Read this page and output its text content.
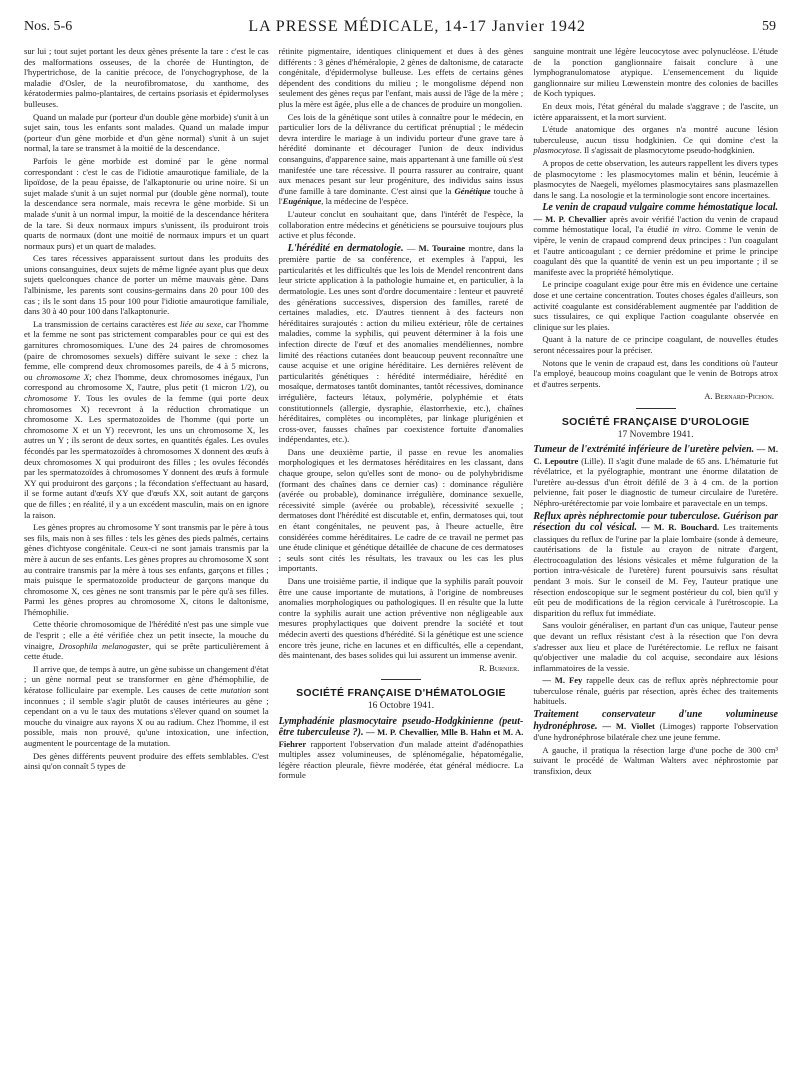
Nos. 5-6	LA PRESSE MÉDICALE, 14-17 Janvier 1942	59

sur lui ; tout sujet portant les deux gènes présente la tare : c'est le cas des malformations osseuses, de la chorée de Huntington, de l'hypertrichose, de la canitie précoce, de l'onychogryphose, de la maladie d'Osler, de la neurofibromatose, du xanthome, des kératodermies palmo-plantaires, de certains psoriasis et épidermolyses bulleuses.

Quand un malade pur (porteur d'un double gène morbide) s'unit à un sujet sain, tous les enfants sont malades. Quand un malade impur (porteur d'un gène morbide et d'un gène normal) s'unit à un sujet normal, la tare se transmet à la moitié de la descendance.

Parfois le gène morbide est dominé par le gène normal correspondant : c'est le cas de l'idiotie amaurotique familiale, de la lipoïdose, de la peau épaisse, de l'alkaptonurie ou urine noire. Si un sujet malade s'unit à un sujet normal pur (double gène normal), toute la descendance sera normale, mais recevra le gène morbide. Si un malade s'unit à un normal impur, la moitié de la descendance héritera de la tare. Si deux normaux impurs s'unissent, ils produiront trois quarts de normaux (dont une moitié de normaux impurs et un quart normaux purs) et un quart de malades.

Ces tares récessives apparaissent surtout dans les produits des unions consanguines, deux sujets de même lignée ayant plus que deux sujets quelconques chance de porter un même mauvais gène. Dans l'albinisme, les parents sont cousins-germains dans 20 pour 100 des cas ; ils le sont dans 15 pour 100 pour l'idiotie amaurotique familiale, dans 30 à 40 pour 100 dans l'alkaptonurie.

La transmission de certains caractères est liée au sexe, car l'homme et la femme ne sont pas strictement comparables pour ce qui est des garnitures chromosomiques. L'une des 24 paires de chromosomes (paire de chromosomes sexuels) diffère suivant le sexe : chez la femme, elle comprend deux chromosomes pareils, de 4 à 5 microns, ou chromosome X; chez l'homme, deux chromosomes inégaux, l'un correspond au chromosome X, l'autre, plus petit (1 micron 1/2), ou chromosome Y. Tous les ovules de la femme (qui porte deux chromosomes X) recevront à la réduction chromatique un chromosome X. Les spermatozoïdes de l'homme (qui porte un chromosome X et un Y) recevront, les uns un chromosome X, les autres un Y ; ils seront de deux sortes, en quantités égales. Les ovules fécondés par les spermatozoïdes à chromosomes X donnent des œufs à deux chromosomes X qui produiront des filles ; les ovules fécondés par les spermatozoïdes à chromosomes Y donnent des œufs à formule XY qui produiront des garçons ; la fécondation s'effectuant au hasard, il se forme autant d'œufs XY que d'œufs XX, soit autant de garçons que de filles ; en réalité, il y a un excédent masculin, mais on en ignore la raison.

Les gènes propres au chromosome Y sont transmis par le père à tous ses fils, mais non à ses filles : tels les gènes des pieds palmés, certains gènes d'ichtyose congénitale. Ceux-ci ne sont jamais transmis par la mère à aucun de ses enfants. Les gènes propres au chromosome X sont au contraire transmis par la mère à tous ses enfants, garçons et filles ; mais puisque le spermatozoïde producteur de garçons manque du chromosome X, ces gènes ne sont transmis par le père qu'à ses filles. Parmi les gènes propres au chromosome X, citons le daltonisme, l'hémophilie.

Cette théorie chromosomique de l'hérédité n'est pas une simple vue de l'esprit ; elle a été vérifiée chez un petit insecte, la mouche du vinaigre, Drosophila melanogaster, qui se prête particulièrement à cette étude.

Il arrive que, de temps à autre, un gène subisse un changement d'état ; un gène normal peut se transformer en gène d'hémophilie, de kératose folliculaire par exemple. Les causes de cette mutation sont inconnues ; il semble s'agir plutôt de causes intérieures au gène ; cependant on a vu le taux des mutations s'élever quand on soumet la mouche du vinaigre aux rayons X ou au radium. Chez l'homme, il est possible, mais non prouvé, qu'une intoxication, une infection, augmentent le pourcentage de la mutation.

Des gènes différents peuvent produire des effets semblables. C'est ainsi qu'on connaît 5 types de

rétinite pigmentaire, identiques cliniquement et dues à des gènes différents : 3 gènes d'héméralopie, 2 gènes de daltonisme, de cataracte congénitale, d'épidermolyse bulleuse. Les effets de certains gènes dépendent des conditions du milieu ; le mongolisme dépend non seulement des gènes reçus par l'enfant, mais aussi de l'âge de la mère ; plus la mère est âgée, plus elle a de chances de produire un mongolien.

Ces lois de la génétique sont utiles à connaître pour le médecin, en particulier lors de la délivrance du certificat prénuptial ; le médecin devra interdire le mariage à un individu porteur d'une grave tare à hérédité dominante et décourager l'union de deux individus consanguins, d'apparence saine, mais appartenant à une famille où s'est manifestée une tare récessive. Il pourra rassurer au contraire, quant aux menaces pesant sur leur progéniture, des individus sains issus d'une famille à tare dominante. C'est ainsi que la Génétique touche à l'Eugénique, la médecine de l'espèce.

L'auteur conclut en souhaitant que, dans l'intérêt de l'espèce, la collaboration entre médecins et généticiens se poursuive toujours plus active et plus féconde.

L'hérédité en dermatologie. — M. Touraine montre, dans la première partie de sa conférence, et exemples à l'appui, les particularités et les difficultés que les lois de Mendel rencontrent dans leur stricte application à la pathologie humaine et, en particulier, à la dermatologie. Les unes sont d'ordre documentaire : lenteur et pauvreté des générations successives, dispersion des familles, rareté de certaines maladies, etc. D'autres tiennent à des facteurs non héréditaires surajoutés : action du milieu extérieur, rôle de certaines maladies, comme la syphilis, qui peuvent déterminer à la fois une infection directe de l'œuf et des anomalies mendéliennes, nombre limité des réactions cutanées dont beaucoup peuvent reconnaître une cause acquise et une origine héréditaire. Les dernières relèvent de particularités génétiques : hérédité intermédiaire, hérédité en mosaïque, dermatoses tantôt dominantes, tantôt récessives, dominance irrégulière, facteurs létaux, polymérie, polyphémie et états constitutionnels (allergie, dysraphie, élastorrhexie, etc.), chaînes héréditaires, complètes ou incomplètes, par linkage plurigénien et cross-over, fausses chaînes par coexistence fortuite d'anomalies indépendantes, etc.).

Dans une deuxième partie, il passe en revue les anomalies morphologiques et les dermatoses héréditaires en les classant, dans chaque groupe, selon qu'elles sont de mono- ou de polyhybridisme (formant des chaînes dans ce dernier cas) : dominance régulière (avérée ou probable), dominance irrégulière, dominance sexuelle, récessivité simple (avérée ou probable), récessivité sexuelle ; dermatoses dont l'hérédité est discutable et, enfin, dermatoses qui, tout en étant congénitales, ne peuvent pas, à l'heure actuelle, être considérées comme héréditaires. Le cadre de ce travail ne permet pas une étude clinique et génétique détaillée de chacune de ces dermatoses ; seuls sont cités les résultats, les travaux ou les cas les plus importants.

Dans une troisième partie, il indique que la syphilis paraît pouvoir être une cause importante de mutations, à l'origine de nombreuses anomalies morphologiques ou pathologiques. Il en résulte que la lutte contre la syphilis aurait une action préventive non négligeable aux mesures prophylactiques que doivent prendre la société et tout médecin averti des questions d'hérédité. Si la génétique est une science encore très jeune, riche en lacunes et en difficultés, elle a cependant, dès maintenant, des bases solides qui lui assurent un immense avenir.

R. Burnier.
SOCIÉTÉ FRANÇAISE D'HÉMATOLOGIE
16 Octobre 1941.

Lymphadénie plasmocytaire pseudo-Hodgkinienne (peut-être tuberculeuse ?). — M. P. Chevallier, Mlle B. Hahn et M. A. Fiehrer rapportent l'observation d'un malade atteint d'adénopathies multiples assez volumineuses, de splénomégalie, hépatomégalie, légère réaction pleurale, fièvre modérée, état général médiocre. La formule

sanguine montrait une légère leucocytose avec polynucléose. L'étude de la ponction ganglionnaire faisait conclure à une lymphogranulomatose atypique. L'ensemencement du liquide ganglionnaire sur milieu Lœwenstein montre des colonies de bacilles de Koch typiques.

En deux mois, l'état général du malade s'aggrave ; de l'ascite, un ictère apparaissent, et la mort survient.

L'étude anatomique des organes n'a montré aucune lésion tuberculeuse, aucun tissu hodgkinien. Ce qui domine c'est la plasmocytose. Il s'agissait de plasmocytome pseudo-hodgkinien.

A propos de cette observation, les auteurs rappellent les divers types de plasmocytome : les plasmocytomes malin et bénin, leucémie à plasmocytes de Naegeli, myélomes plasmocytaires sans plasmazellen dans le sang. La nosologie et la terminologie sont encore incertaines.

Le venin de crapaud vulgaire comme hémostatique local. — M. P. Chevallier après avoir vérifié l'action du venin de crapaud comme hémostatique local, l'a étudié in vitro. Comme le venin de vipère, le venin de crapaud comprend deux principes : l'un coagulant et l'autre anticoagulant ; ce dernier prédomine et prime le principe coagulant dès que la quantité de venin est un peu importante ; il se manifeste avec la propriété hémolytique.

Le principe coagulant exige pour être mis en évidence une certaine dose et une certaine concentration. Toutes choses égales d'ailleurs, son activité coagulante est considérablement augmentée par l'addition de sucs tissulaires, ce qui explique l'action coagulante observée en clinique sur les plaies.

Quant à la nature de ce principe coagulant, de nouvelles études seront nécessaires pour la préciser.

Notons que le venin de crapaud est, dans les conditions où l'auteur l'a employé, beaucoup moins coagulant que le venin de Botrops atrox et d'autres serpents.

A. Bernard-Pichon.
SOCIÉTÉ FRANÇAISE D'UROLOGIE
17 Novembre 1941.

Tumeur de l'extrémité inférieure de l'uretère pelvien. — M. C. Lepoutre (Lille). Il s'agit d'une malade de 65 ans. L'hématurie fut révélatrice, et la pyélographie, montrant une énorme dilatation de l'uretère au-dessus d'un étroit défilé de 3 à 4 cm. de la portion pelvienne, fait poser le diagnostic de tumeur circulaire de l'uretère. Néphro-urétérectomie par voie lombaire et paravectale en un temps.

Reflux après néphrectomie pour tuberculose. Guérison par résection du col vésical. — M. R. Bouchard. Les traitements classiques du reflux de l'urine par la plaie lombaire (sonde à demeure, cautérisations de la fistule au crayon de nitrate d'argent, électrocoagulation des lésions vésicales et même fulguration de la portion intra-vésicale de l'uretère) furent poursuivis sans résultat pendant 3 mois. Sur le conseil de M. Fey, l'auteur pratique une résection endoscopique sur le segment postérieur du col, bien qu'il y eût peu de modifications de la région cervicale à l'urétroscopie. La disparition du reflux fut immédiate.

Sans vouloir généraliser, en partant d'un cas unique, l'auteur pense que devant un reflux résistant c'est à la résection que l'on devra s'adresser aux lieu et place de l'urétérectomie. Le reflux ne faisant qu'objectiver une maladie du col acquise, secondaire aux lésions inflammatoires de la vessie.

— M. Fey rappelle deux cas de reflux après néphrectomie pour tuberculose rénale, guéris par résection, après échec des traitements habituels.

Traitement conservateur d'une volumineuse hydronéphrose. — M. Viollet (Limoges) rapporte l'observation d'une hydronéphrose bilatérale chez une jeune femme.

A gauche, il pratiqua la résection large d'une poche de 300 cm³ suivant le procédé de Waltman Walters avec néphrostomie par transfixion, deux
